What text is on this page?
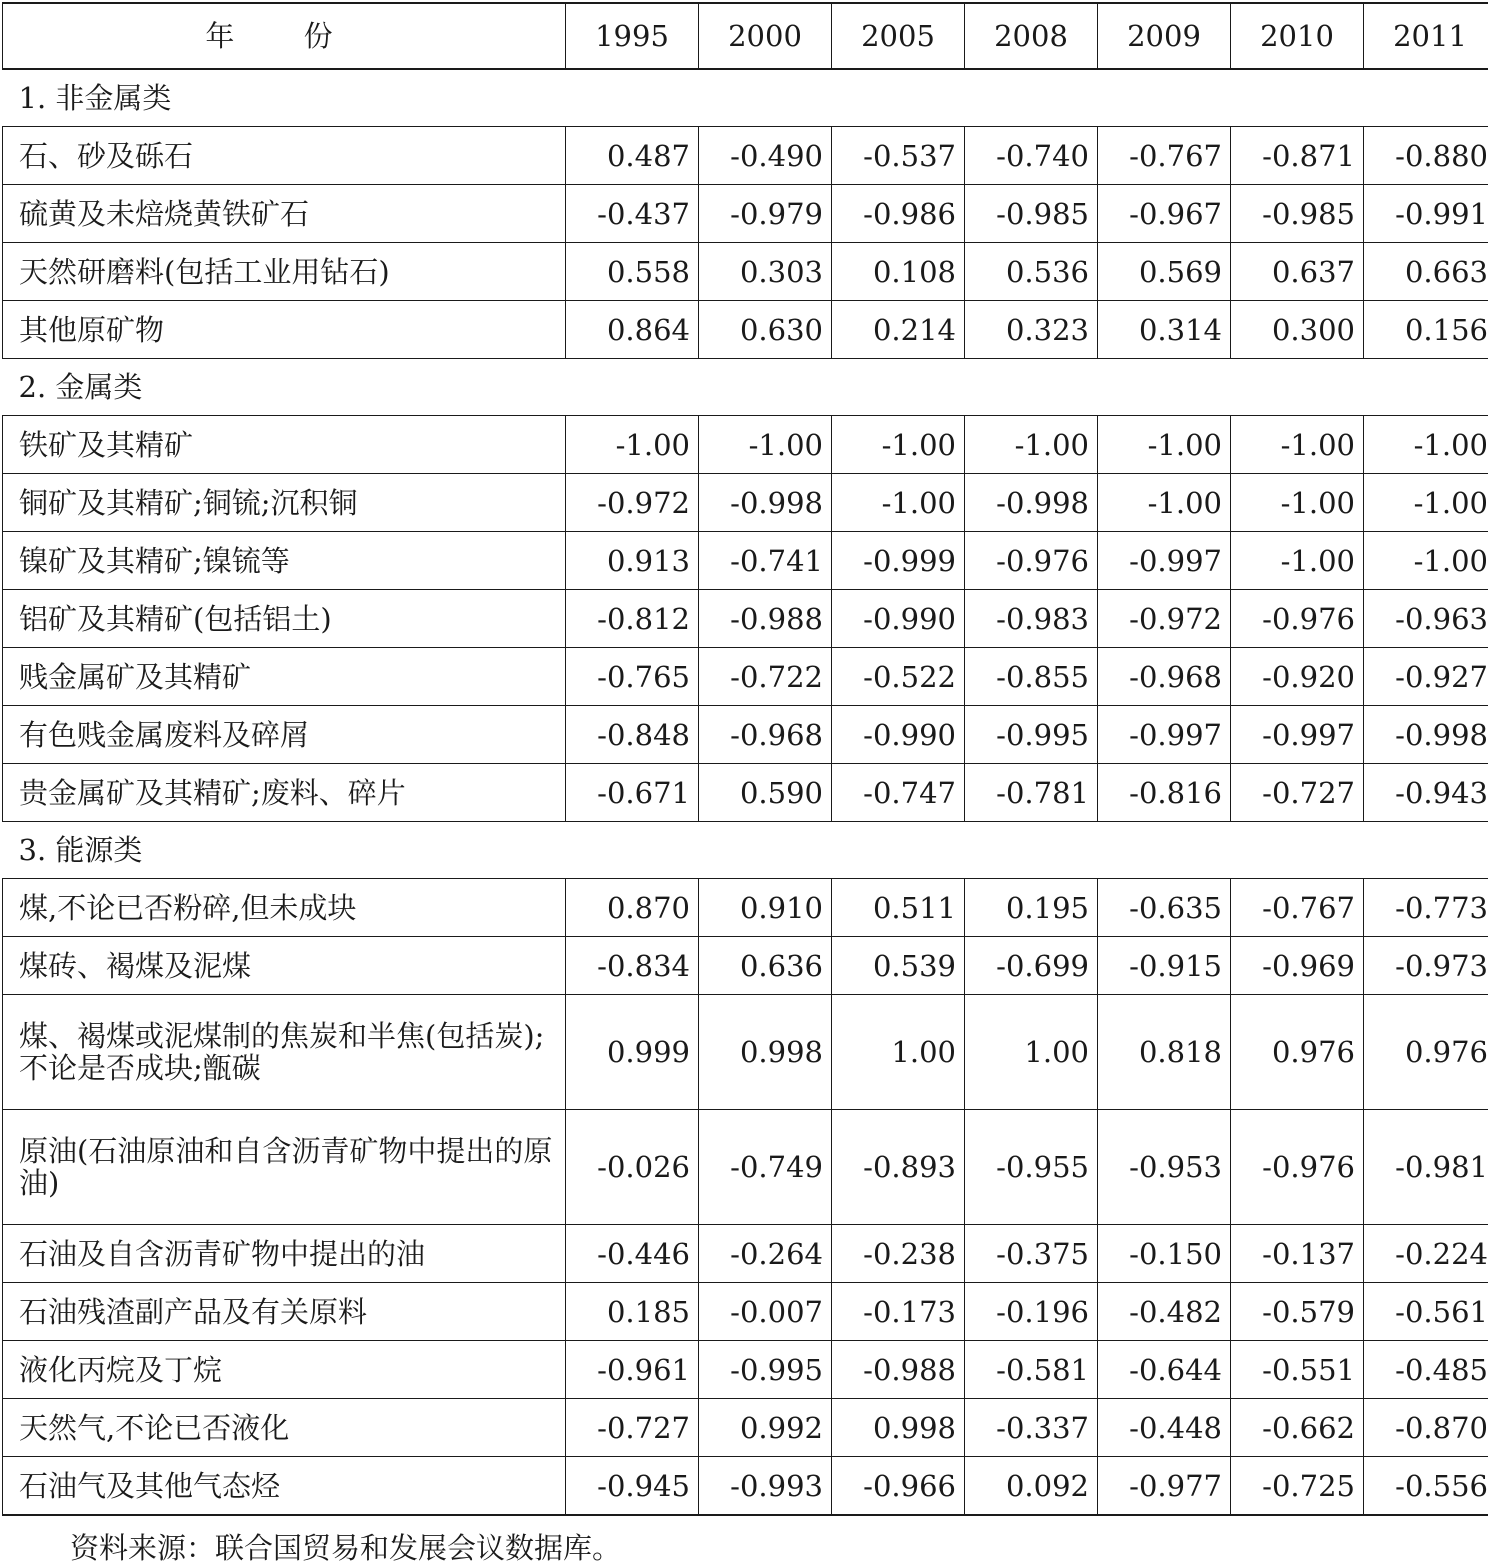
年 份	1995	2000	2005	2008	2009	2010	2011
1. 非金属类							
石、砂及砾石	0.487	-0.490	-0.537	-0.740	-0.767	-0.871	-0.880
硫黄及未焙烧黄铁矿石	-0.437	-0.979	-0.986	-0.985	-0.967	-0.985	-0.991
天然研磨料(包括工业用钻石)	0.558	0.303	0.108	0.536	0.569	0.637	0.663
其他原矿物	0.864	0.630	0.214	0.323	0.314	0.300	0.156
2. 金属类							
铁矿及其精矿	-1.00	-1.00	-1.00	-1.00	-1.00	-1.00	-1.00
铜矿及其精矿;铜锍;沉积铜	-0.972	-0.998	-1.00	-0.998	-1.00	-1.00	-1.00
镍矿及其精矿;镍锍等	0.913	-0.741	-0.999	-0.976	-0.997	-1.00	-1.00
铝矿及其精矿(包括铝土)	-0.812	-0.988	-0.990	-0.983	-0.972	-0.976	-0.963
贱金属矿及其精矿	-0.765	-0.722	-0.522	-0.855	-0.968	-0.920	-0.927
有色贱金属废料及碎屑	-0.848	-0.968	-0.990	-0.995	-0.997	-0.997	-0.998
贵金属矿及其精矿;废料、碎片	-0.671	0.590	-0.747	-0.781	-0.816	-0.727	-0.943
3. 能源类							
煤,不论已否粉碎,但未成块	0.870	0.910	0.511	0.195	-0.635	-0.767	-0.773
煤砖、褐煤及泥煤	-0.834	0.636	0.539	-0.699	-0.915	-0.969	-0.973
煤、褐煤或泥煤制的焦炭和半焦(包括炭);不论是否成块;甑碳	0.999	0.998	1.00	1.00	0.818	0.976	0.976
原油(石油原油和自含沥青矿物中提出的原油)	-0.026	-0.749	-0.893	-0.955	-0.953	-0.976	-0.981
石油及自含沥青矿物中提出的油	-0.446	-0.264	-0.238	-0.375	-0.150	-0.137	-0.224
石油残渣副产品及有关原料	0.185	-0.007	-0.173	-0.196	-0.482	-0.579	-0.561
液化丙烷及丁烷	-0.961	-0.995	-0.988	-0.581	-0.644	-0.551	-0.485
天然气,不论已否液化	-0.727	0.992	0.998	-0.337	-0.448	-0.662	-0.870
石油气及其他气态烃	-0.945	-0.993	-0.966	0.092	-0.977	-0.725	-0.556
资料来源：联合国贸易和发展会议数据库。
